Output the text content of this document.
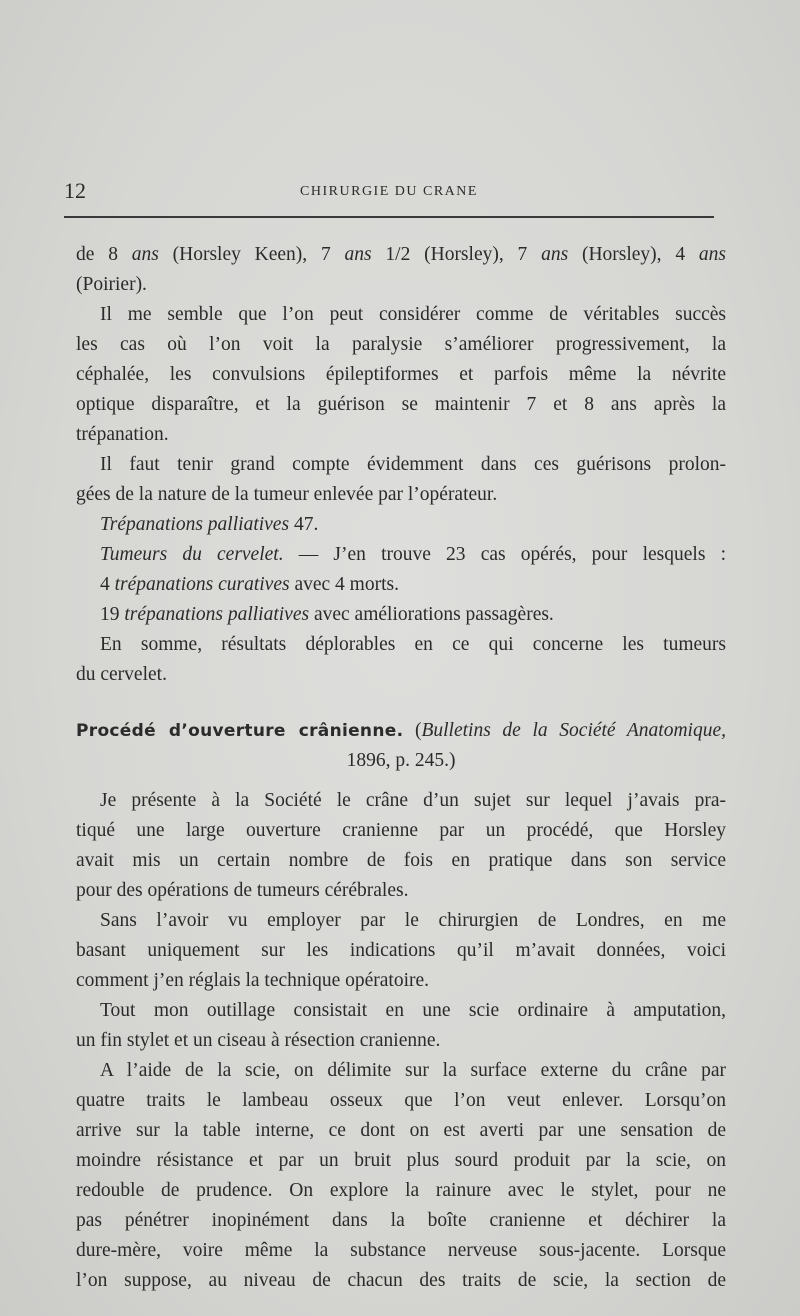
12	CHIRURGIE DU CRANE
de 8 ans (Horsley Keen), 7 ans 1/2 (Horsley), 7 ans (Horsley), 4 ans
(Poirier).
Il me semble que l’on peut considérer comme de véritables succès
les cas où l’on voit la paralysie s’améliorer progressivement, la
céphalée, les convulsions épileptiformes et parfois même la névrite
optique disparaître, et la guérison se maintenir 7 et 8 ans après la
trépanation.
Il faut tenir grand compte évidemment dans ces guérisons prolon-
gées de la nature de la tumeur enlevée par l’opérateur.
Trépanations palliatives 47.
Tumeurs du cervelet. — J’en trouve 23 cas opérés, pour lesquels :
4 trépanations curatives avec 4 morts.
19 trépanations palliatives avec améliorations passagères.
En somme, résultats déplorables en ce qui concerne les tumeurs
du cervelet.
Procédé d’ouverture crânienne. (Bulletins de la Société Anatomique,
1896, p. 245.)
Je présente à la Société le crâne d’un sujet sur lequel j’avais pra-
tiqué une large ouverture cranienne par un procédé, que Horsley
avait mis un certain nombre de fois en pratique dans son service
pour des opérations de tumeurs cérébrales.
Sans l’avoir vu employer par le chirurgien de Londres, en me
basant uniquement sur les indications qu’il m’avait données, voici
comment j’en réglais la technique opératoire.
Tout mon outillage consistait en une scie ordinaire à amputation,
un fin stylet et un ciseau à résection cranienne.
A l’aide de la scie, on délimite sur la surface externe du crâne par
quatre traits le lambeau osseux que l’on veut enlever. Lorsqu’on
arrive sur la table interne, ce dont on est averti par une sensation de
moindre résistance et par un bruit plus sourd produit par la scie, on
redouble de prudence. On explore la rainure avec le stylet, pour ne
pas pénétrer inopinément dans la boîte cranienne et déchirer la
dure-mère, voire même la substance nerveuse sous-jacente. Lorsque
l’on suppose, au niveau de chacun des traits de scie, la section de
